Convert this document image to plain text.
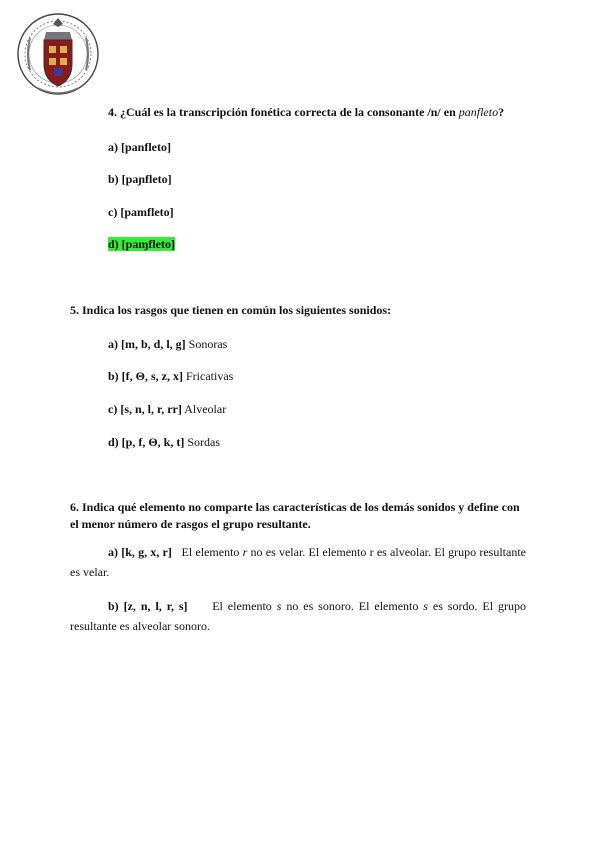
4. ¿Cuál es la transcripción fonética correcta de la consonante /n/ en panfleto?
a) [panfleto]
b) [paɲfleto]
c) [pamfleto]
d) [paɱfleto]
5. Indica los rasgos que tienen en común los siguientes sonidos:
a) [m, b, d, l, g] Sonoras
b) [f, Θ, s, z, x] Fricativas
c) [s, n, l, r, rr] Alveolar
d) [p, f, Θ, k, t] Sordas
6. Indica qué elemento no comparte las características de los demás sonidos y define con el menor número de rasgos el grupo resultante.
a) [k, g, x, r] El elemento r no es velar. El elemento r es alveolar. El grupo resultante es velar.
b) [z, n, l, r, s] El elemento s no es sonoro. El elemento s es sordo. El grupo resultante es alveolar sonoro.
